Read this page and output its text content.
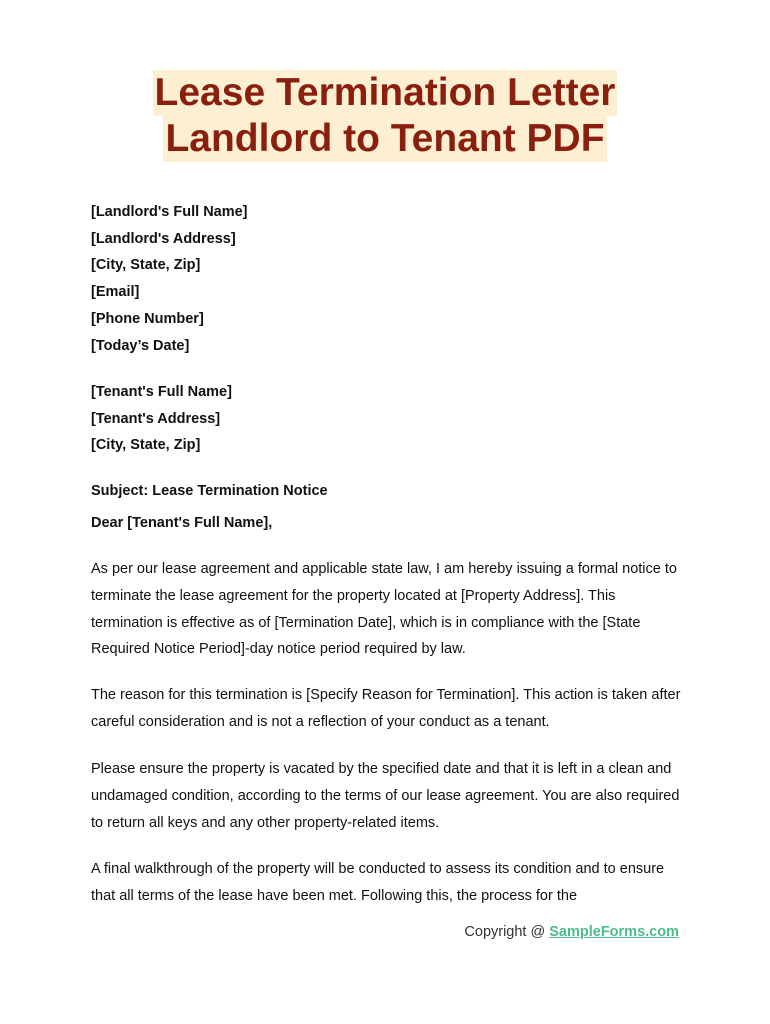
Lease Termination Letter
Landlord to Tenant PDF

[Landlord's Full Name]

[Landlord's Address]

[City, State, Zip]

[Email]

[Phone Number]

[Today’s Date]

[Tenant's Full Name]

[Tenant's Address]

[City, State, Zip]

Subject: Lease Termination Notice

Dear [Tenant's Full Name],

As per our lease agreement and applicable state law, I am hereby issuing a formal notice to terminate the lease agreement for the property located at [Property Address]. This termination is effective as of [Termination Date], which is in compliance with the [State Required Notice Period]-day notice period required by law.

The reason for this termination is [Specify Reason for Termination]. This action is taken after careful consideration and is not a reflection of your conduct as a tenant.

Please ensure the property is vacated by the specified date and that it is left in a clean and undamaged condition, according to the terms of our lease agreement. You are also required to return all keys and any other property-related items.

A final walkthrough of the property will be conducted to assess its condition and to ensure that all terms of the lease have been met. Following this, the process for the

Copyright @ SampleForms.com
